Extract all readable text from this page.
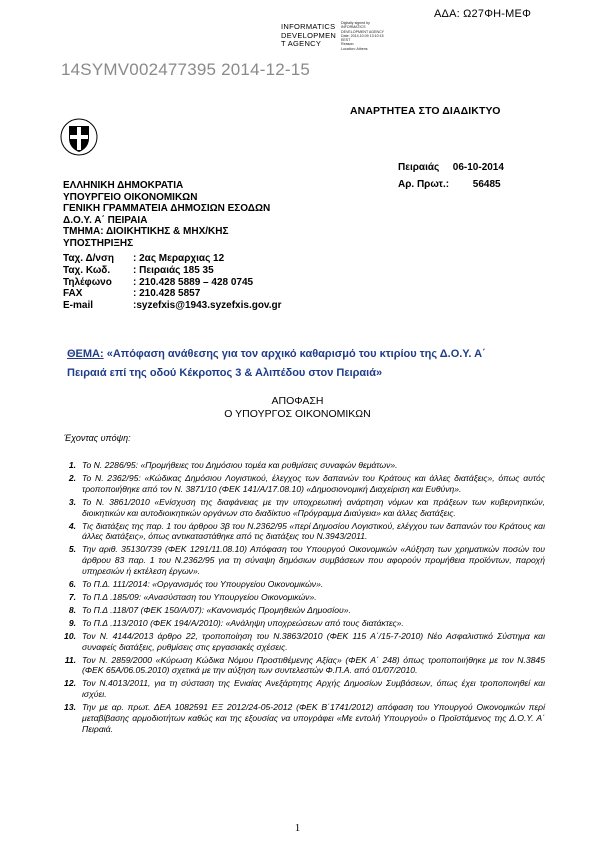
ΑΔΑ: Ω27ΦΗ-ΜΕΦ
INFORMATICS
DEVELOPMEN
T AGENCY
Digitally signed by
INFORMATICS
DEVELOPMENT AGENCY
Date: 2014.10.09 13:10:15
EEST
Reason:
Location: Athens
14SYMV002477395 2014-12-15
ΑΝΑΡΤΗΤΕΑ ΣΤΟ ΔΙΑΔΙΚΤΥΟ
Πειραιάς 06-10-2014
Αρ. Πρωτ.: 56485
ΕΛΛΗΝΙΚΗ ΔΗΜΟΚΡΑΤΙΑ
ΥΠΟΥΡΓΕΙΟ ΟΙΚΟΝΟΜΙΚΩΝ
ΓΕΝΙΚΗ ΓΡΑΜΜΑΤΕΙΑ ΔΗΜΟΣΙΩΝ ΕΣΟΔΩΝ
Δ.Ο.Υ. Α΄ ΠΕΙΡΑΙΑ
ΤΜΗΜΑ: ΔΙΟΙΚΗΤΙΚΗΣ & ΜΗΧ/ΚΗΣ
ΥΠΟΣΤΗΡΙΞΗΣ
Ταχ. Δ/νση : 2ας Μεραρχιας 12
Ταχ. Κωδ. : Πειραιάς 185 35
Τηλέφωνο : 210.428 5889 – 428 0745
FAX	: 210.428 5857
E-mail	:syzefxis@1943.syzefxis.gov.gr
ΘΕΜΑ: «Απόφαση ανάθεσης για τον αρχικό καθαρισμό του κτιρίου της Δ.Ο.Υ. Α΄
Πειραιά επί της οδού Κέκροπος 3 & Αλιπέδου στον Πειραιά»
ΑΠΟΦΑΣΗ
Ο ΥΠΟΥΡΓΟΣ ΟΙΚΟΝΟΜΙΚΩΝ
Έχοντας υπόψη:
1. Το Ν. 2286/95: «Προμήθειες του Δημόσιου τομέα και ρυθμίσεις συναφών θεμάτων».
2. Το Ν. 2362/95: «Κώδικας Δημόσιου Λογιστικού, έλεγχος των δαπανών του Κράτους και άλλες διατάξεις», όπως αυτός τροποποιήθηκε από τον Ν. 3871/10 (ΦΕΚ 141/Α/17.08.10) «Δημοσιονομική Διαχείριση και Ευθύνη».
3. Το Ν. 3861/2010 «Ενίσχυση της διαφάνειας με την υποχρεωτική ανάρτηση νόμων και πράξεων των κυβερνητικών, διοικητικών και αυτοδιοικητικών οργάνων στο διαδίκτυο «Πρόγραμμα Διαύγεια» και άλλες διατάξεις.
4. Τις διατάξεις της παρ. 1 του άρθρου 3β του Ν.2362/95 «περί Δημοσίου Λογιστικού, ελέγχου των δαπανών του Κράτους και άλλες διατάξεις», όπως αντικαταστάθηκε από τις διατάξεις του Ν.3943/2011.
5. Την αριθ. 35130/739 (ΦΕΚ 1291/11.08.10) Απόφαση του Υπουργού Οικονομικών «Αύξηση των χρηματικών ποσών του άρθρου 83 παρ. 1 του Ν.2362/95 για τη σύναψη δημόσιων συμβάσεων που αφορούν προμήθεια προϊόντων, παροχή υπηρεσιών ή εκτέλεση έργων».
6. Το Π.Δ. 111/2014: «Οργανισμός του Υπουργείου Οικονομικών».
7. Το Π.Δ .185/09: «Ανασύσταση του Υπουργείου Οικονομικών».
8. Το Π.Δ .118/07 (ΦΕΚ 150/Α/07): «Κανονισμός Προμηθειών Δημοσίου».
9. Το Π.Δ .113/2010 (ΦΕΚ 194/Α/2010): «Ανάληψη υποχρεώσεων από τους διατάκτες».
10. Τον Ν. 4144/2013 άρθρο 22, τροποποίηση του Ν.3863/2010 (ΦΕΚ 115 Α΄/15-7-2010) Νέο Ασφαλιστικό Σύστημα και συναφείς διατάξεις, ρυθμίσεις στις εργασιακές σχέσεις.
11. Τον Ν. 2859/2000 «Κύρωση Κώδικα Νόμου Προστιθέμενης Αξίας» (ΦΕΚ Α΄ 248) όπως τροποποιήθηκε με τον Ν.3845 (ΦΕΚ 65Α/06.05.2010) σχετικά με την αύξηση των συντελεστών Φ.Π.Α. από 01/07/2010.
12. Τον Ν.4013/2011, για τη σύσταση της Ενιαίας Ανεξάρτητης Αρχής Δημοσίων Συμβάσεων, όπως έχει τροποποιηθεί και ισχύει.
13. Την με αρ. πρωτ. ΔΕΑ 1082591 ΕΞ 2012/24-05-2012 (ΦΕΚ Β΄1741/2012) απόφαση του Υπουργού Οικονομικών περί μεταβίβασης αρμοδιοτήτων καθώς και της εξουσίας να υπογράφει «Με εντολή Υπουργού» ο Προϊστάμενος της Δ.Ο.Υ. Α΄ Πειραιά.
1
